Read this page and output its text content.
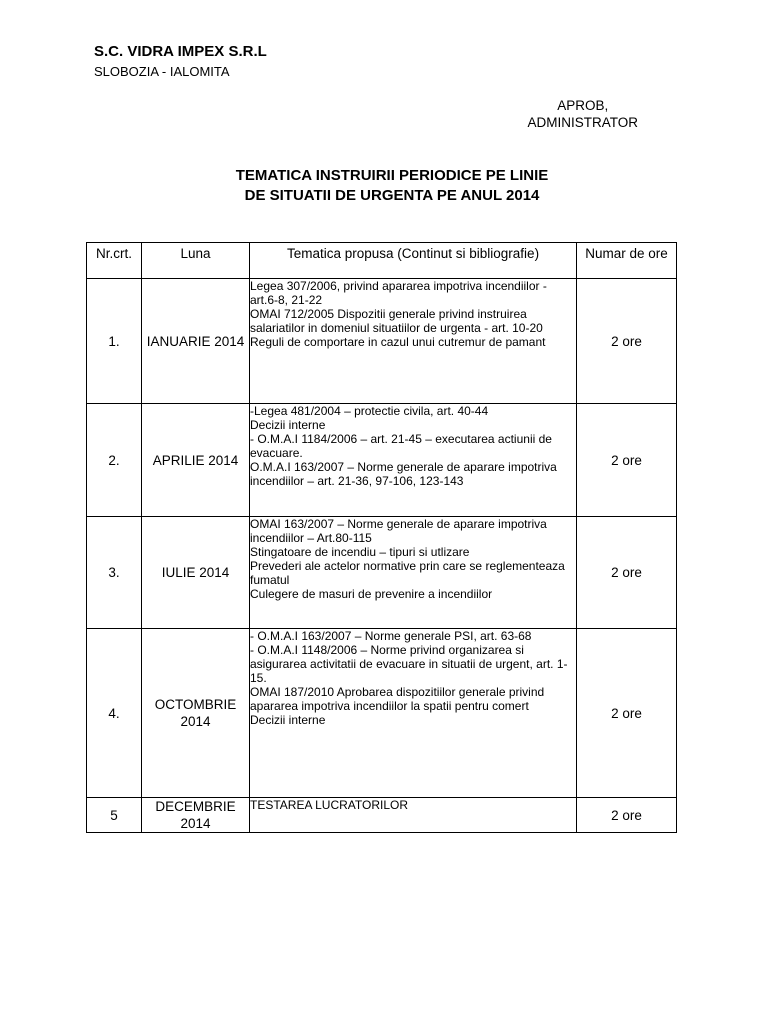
S.C. VIDRA IMPEX S.R.L
SLOBOZIA - IALOMITA
APROB,
ADMINISTRATOR
TEMATICA INSTRUIRII PERIODICE PE LINIE
DE SITUATII DE URGENTA PE ANUL 2014
Nr.crt.	Luna	Tematica propusa (Continut si bibliografie)	Numar de ore
1.	IANUARIE 2014	Legea 307/2006, privind apararea impotriva incendiilor - art.6-8, 21-22
OMAI 712/2005 Dispozitii generale privind instruirea salariatilor in domeniul situatiilor de urgenta - art. 10-20
Reguli de comportare in cazul unui cutremur de pamant	2 ore
2.	APRILIE 2014	-Legea 481/2004 – protectie civila, art. 40-44
Decizii interne
- O.M.A.I 1184/2006 – art. 21-45 – executarea actiunii de evacuare.
O.M.A.I 163/2007 – Norme generale de aparare impotriva incendiilor – art. 21-36, 97-106, 123-143	2 ore
3.	IULIE 2014	OMAI 163/2007 – Norme generale de aparare impotriva incendiilor – Art.80-115
Stingatoare de incendiu – tipuri si utlizare
Prevederi ale actelor normative prin care se reglementeaza fumatul
Culegere de masuri de prevenire a incendiilor	2 ore
4.	OCTOMBRIE 2014	- O.M.A.I 163/2007 – Norme generale PSI, art. 63-68
- O.M.A.I 1148/2006 – Norme privind organizarea si asigurarea activitatii de evacuare in situatii de urgent, art. 1-15.
OMAI 187/2010 Aprobarea dispozitiilor generale privind apararea impotriva incendiilor la spatii pentru comert
Decizii interne	2 ore
5	DECEMBRIE 2014	TESTAREA LUCRATORILOR	2 ore
